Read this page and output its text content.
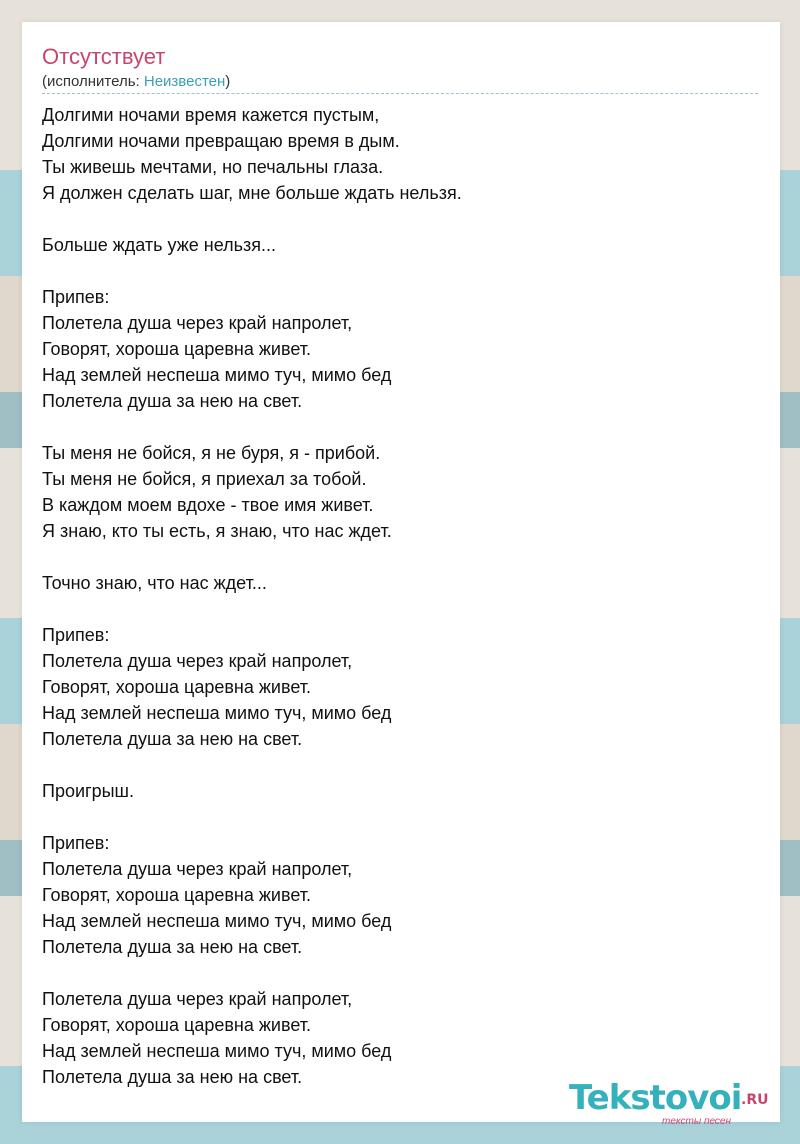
Отсутствует
(исполнитель: Неизвестен)
Долгими ночами время кажется пустым,
Долгими ночами превращаю время в дым.
Ты живешь мечтами, но печальны глаза.
Я должен сделать шаг, мне больше ждать нельзя.
Больше ждать уже нельзя...
Припев:
Полетела душа через край напролет,
Говорят, хороша царевна живет.
Над землей неспеша мимо туч, мимо бед
Полетела душа за нею на свет.
Ты меня не бойся, я не буря, я - прибой.
Ты меня не бойся, я приехал за тобой.
В каждом моем вдохе - твое имя живет.
Я знаю, кто ты есть, я знаю, что нас ждет.
Точно знаю, что нас ждет...
Припев:
Полетела душа через край напролет,
Говорят, хороша царевна живет.
Над землей неспеша мимо туч, мимо бед
Полетела душа за нею на свет.
Проигрыш.
Припев:
Полетела душа через край напролет,
Говорят, хороша царевна живет.
Над землей неспеша мимо туч, мимо бед
Полетела душа за нею на свет.
Полетела душа через край напролет,
Говорят, хороша царевна живет.
Над землей неспеша мимо туч, мимо бед
Полетела душа за нею на свет.
Tekstovoi .RU
тексты песен
